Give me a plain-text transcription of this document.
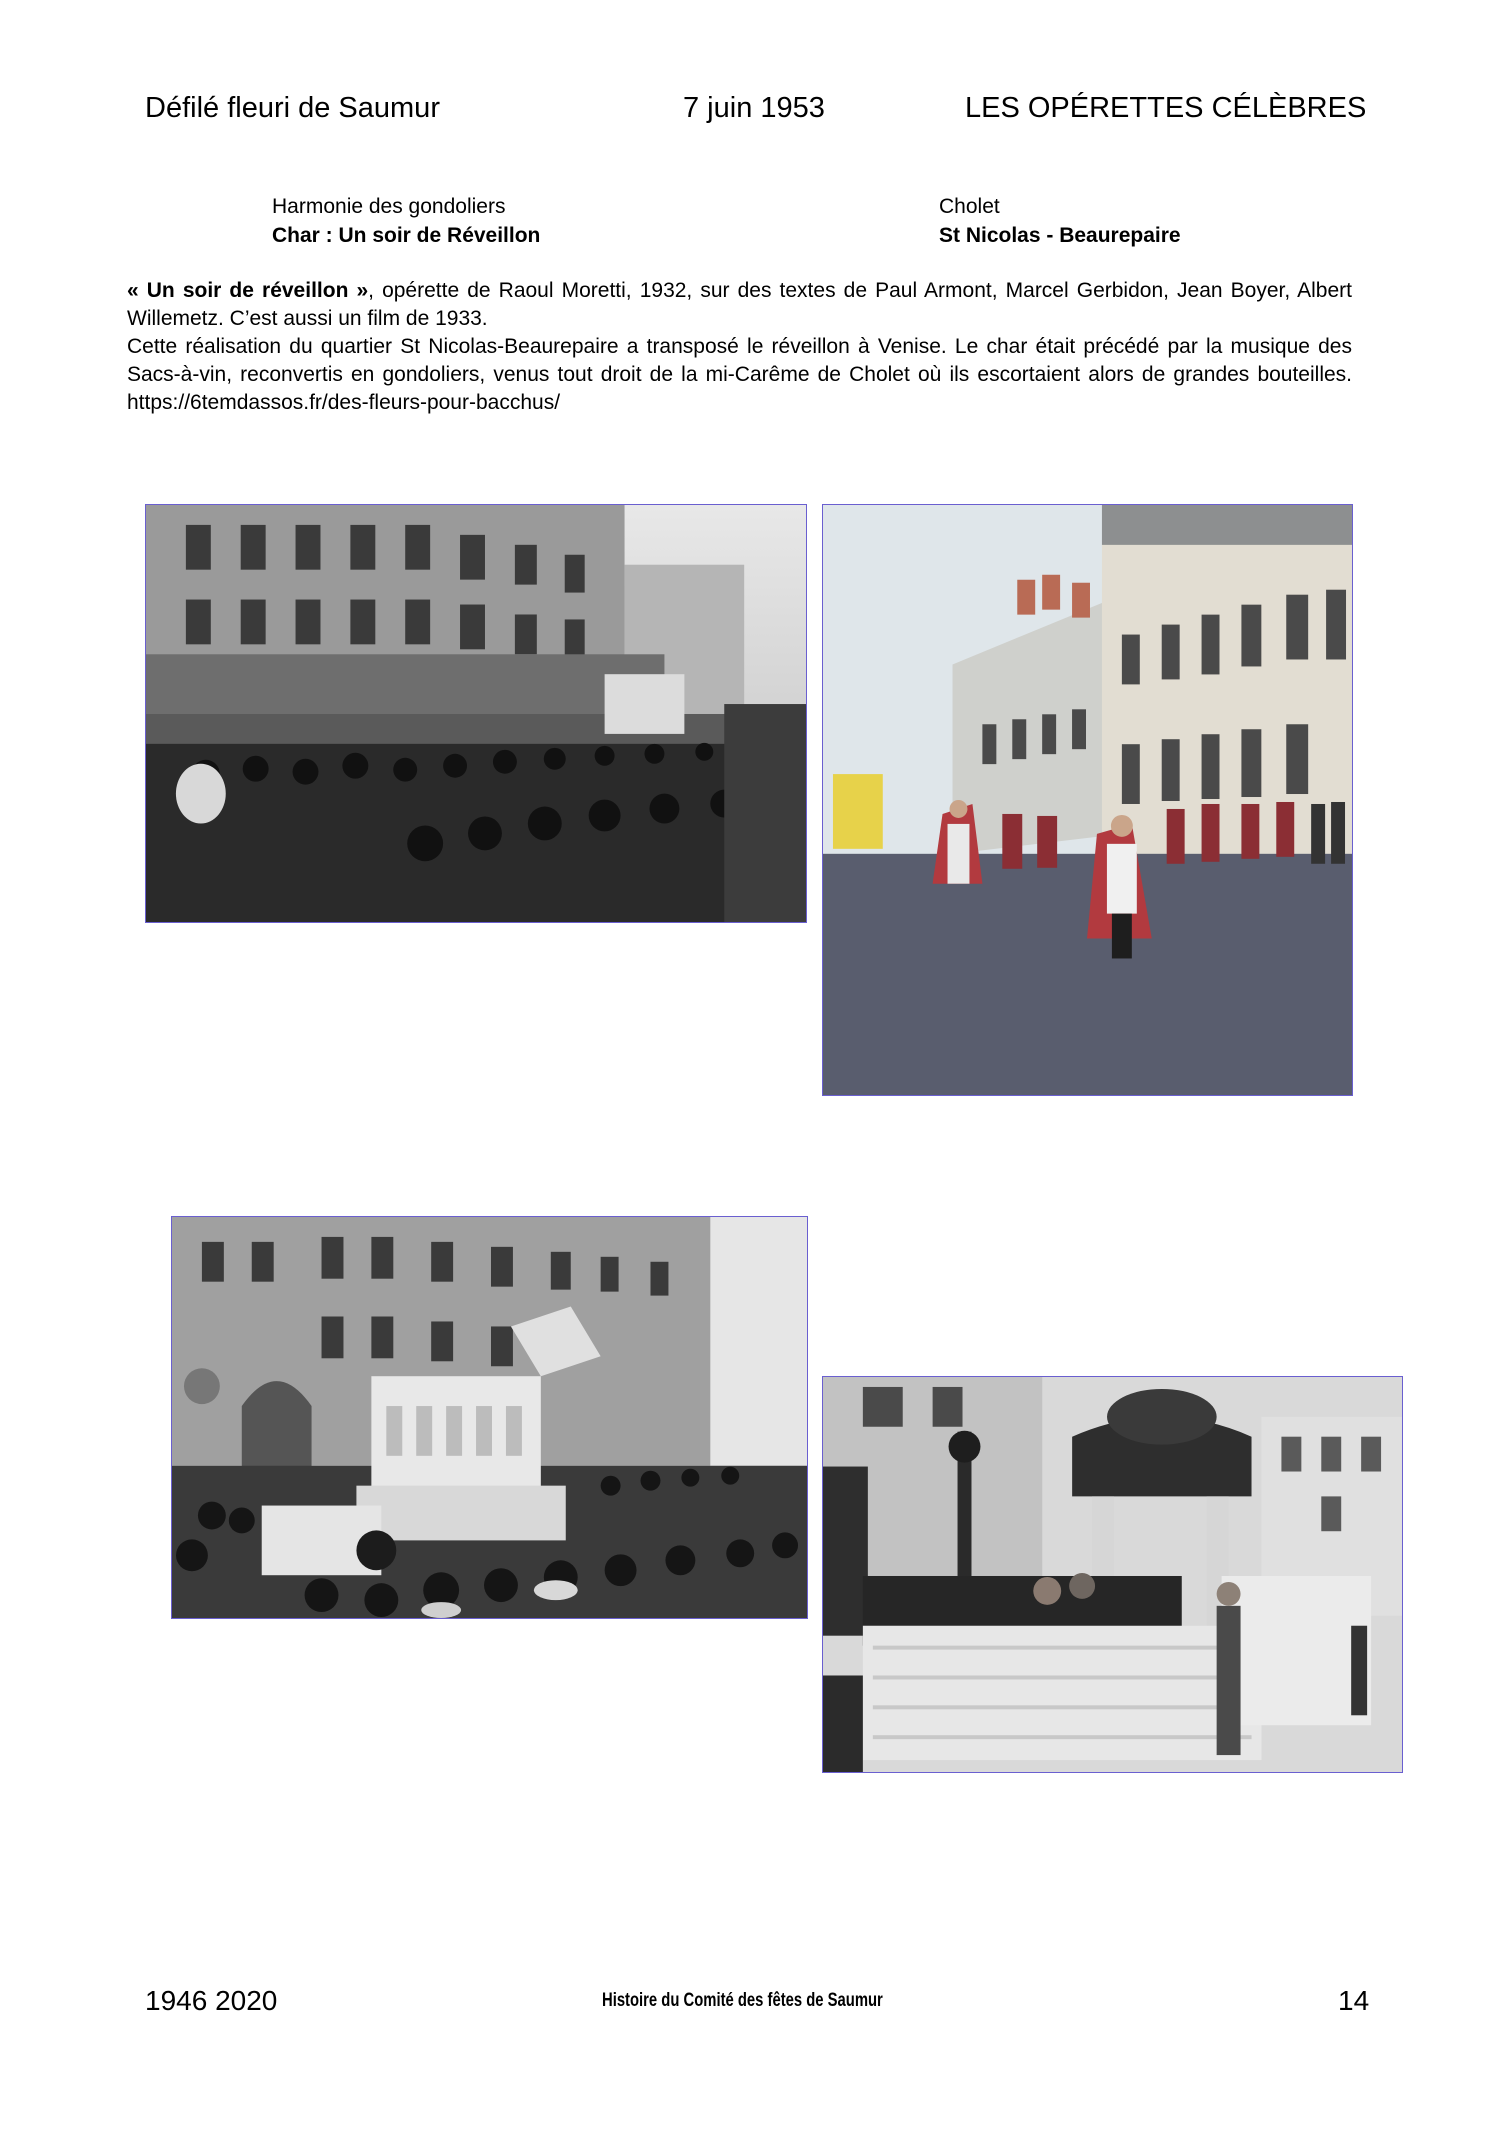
Défilé fleuri de Saumur	7 juin 1953	LES OPÉRETTES CÉLÈBRES
Harmonie des gondoliers
Char : Un soir de Réveillon
Cholet
St Nicolas - Beaurepaire

« Un soir de réveillon », opérette de Raoul Moretti, 1932, sur des textes de Paul Armont, Marcel Gerbidon, Jean Boyer, Albert Willemetz. C’est aussi un film de 1933.

Cette réalisation du quartier St Nicolas-Beaurepaire a transposé le réveillon à Venise. Le char était précédé par la musique des Sacs-à-vin, reconvertis en gondoliers, venus tout droit de la mi-Carême de Cholet où ils escortaient alors de grandes bouteilles. https://6temdassos.fr/des-fleurs-pour-bacchus/

1946 2020	Histoire du Comité des fêtes de Saumur	14
